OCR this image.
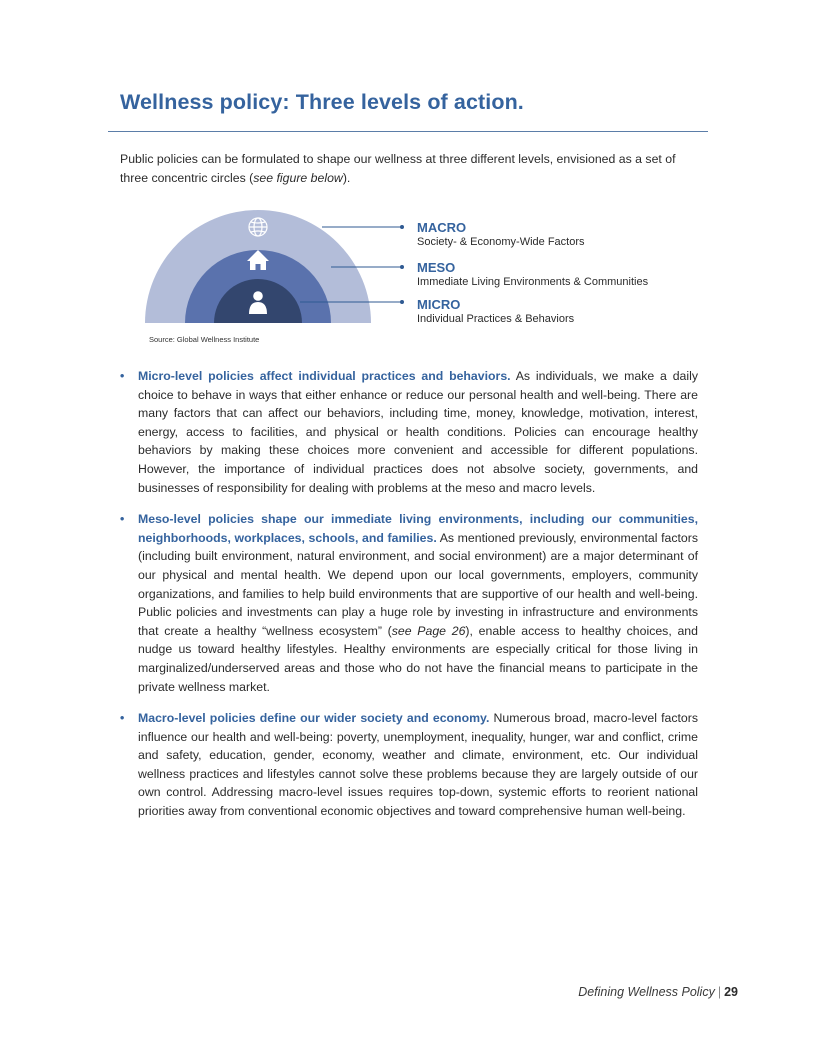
Wellness policy: Three levels of action.

Public policies can be formulated to shape our wellness at three different levels, envisioned as a set of three concentric circles (see figure below).

MACRO
Society- & Economy-Wide Factors
MESO
Immediate Living Environments & Communities
MICRO
Individual Practices & Behaviors

Source: Global Wellness Institute

• Micro-level policies affect individual practices and behaviors. As individuals, we make a daily choice to behave in ways that either enhance or reduce our personal health and well-being. There are many factors that can affect our behaviors, including time, money, knowledge, motivation, interest, energy, access to facilities, and physical or health conditions. Policies can encourage healthy behaviors by making these choices more convenient and accessible for different populations. However, the importance of individual practices does not absolve society, governments, and businesses of responsibility for dealing with problems at the meso and macro levels.
• Meso-level policies shape our immediate living environments, including our communities, neighborhoods, workplaces, schools, and families. As mentioned previously, environmental factors (including built environment, natural environment, and social environment) are a major determinant of our physical and mental health. We depend upon our local governments, employers, community organizations, and families to help build environments that are supportive of our health and well-being. Public policies and investments can play a huge role by investing in infrastructure and environments that create a healthy “wellness ecosystem” (see Page 26), enable access to healthy choices, and nudge us toward healthy lifestyles. Healthy environments are especially critical for those living in marginalized/underserved areas and those who do not have the financial means to participate in the private wellness market.
• Macro-level policies define our wider society and economy. Numerous broad, macro-level factors influence our health and well-being: poverty, unemployment, inequality, hunger, war and conflict, crime and safety, education, gender, economy, weather and climate, environment, etc. Our individual wellness practices and lifestyles cannot solve these problems because they are largely outside of our own control. Addressing macro-level issues requires top-down, systemic efforts to reorient national priorities away from conventional economic objectives and toward comprehensive human well-being.

Defining Wellness Policy | 29
